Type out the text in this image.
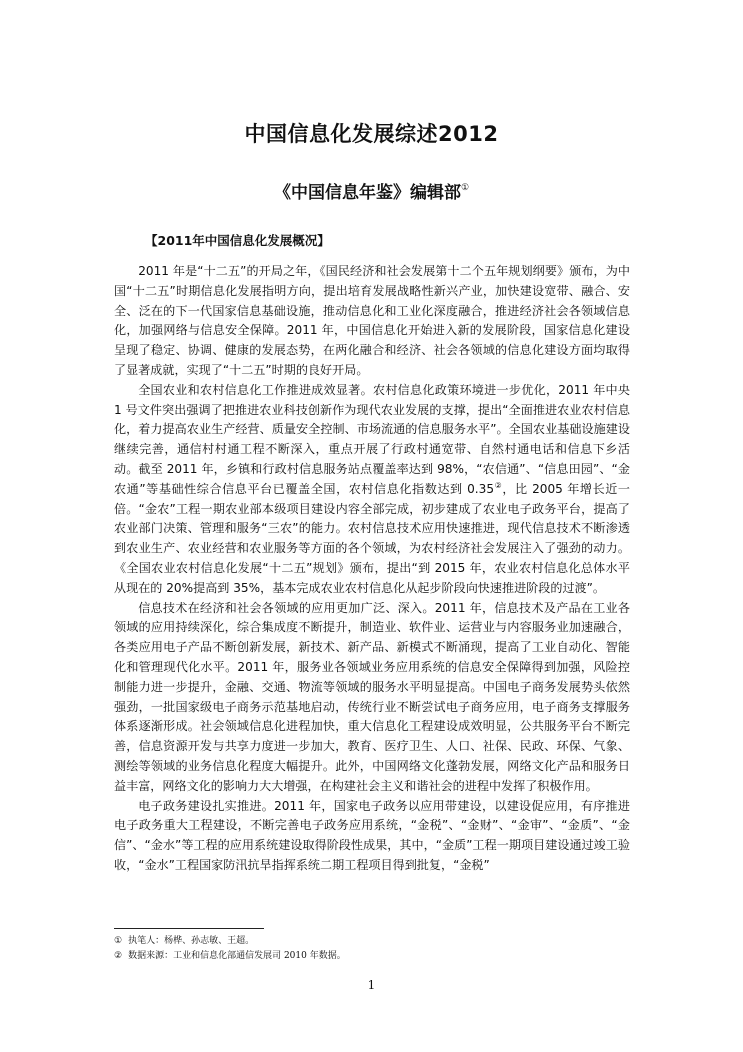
中国信息化发展综述2012
《中国信息年鉴》编辑部①
【2011年中国信息化发展概况】

2011 年是“十二五”的开局之年，《国民经济和社会发展第十二个五年规划纲要》颁布，为中国“十二五”时期信息化发展指明方向，提出培育发展战略性新兴产业，加快建设宽带、融合、安全、泛在的下一代国家信息基础设施，推动信息化和工业化深度融合，推进经济社会各领域信息化，加强网络与信息安全保障。2011 年，中国信息化开始进入新的发展阶段，国家信息化建设呈现了稳定、协调、健康的发展态势，在两化融合和经济、社会各领域的信息化建设方面均取得了显著成就，实现了“十二五”时期的良好开局。

全国农业和农村信息化工作推进成效显著。农村信息化政策环境进一步优化，2011 年中央 1 号文件突出强调了把推进农业科技创新作为现代农业发展的支撑，提出“全面推进农业农村信息化，着力提高农业生产经营、质量安全控制、市场流通的信息服务水平”。全国农业基础设施建设继续完善，通信村村通工程不断深入，重点开展了行政村通宽带、自然村通电话和信息下乡活动。截至 2011 年，乡镇和行政村信息服务站点覆盖率达到 98%，“农信通”、“信息田园”、“金农通”等基础性综合信息平台已覆盖全国，农村信息化指数达到 0.35②，比 2005 年增长近一倍。“金农”工程一期农业部本级项目建设内容全部完成，初步建成了农业电子政务平台，提高了农业部门决策、管理和服务“三农”的能力。农村信息技术应用快速推进，现代信息技术不断渗透到农业生产、农业经营和农业服务等方面的各个领域，为农村经济社会发展注入了强劲的动力。《全国农业农村信息化发展“十二五”规划》颁布，提出“到 2015 年，农业农村信息化总体水平从现在的 20%提高到 35%，基本完成农业农村信息化从起步阶段向快速推进阶段的过渡”。

信息技术在经济和社会各领域的应用更加广泛、深入。2011 年，信息技术及产品在工业各领域的应用持续深化，综合集成度不断提升，制造业、软件业、运营业与内容服务业加速融合，各类应用电子产品不断创新发展，新技术、新产品、新模式不断涌现，提高了工业自动化、智能化和管理现代化水平。2011 年，服务业各领域业务应用系统的信息安全保障得到加强，风险控制能力进一步提升，金融、交通、物流等领域的服务水平明显提高。中国电子商务发展势头依然强劲，一批国家级电子商务示范基地启动，传统行业不断尝试电子商务应用，电子商务支撑服务体系逐渐形成。社会领域信息化进程加快，重大信息化工程建设成效明显，公共服务平台不断完善，信息资源开发与共享力度进一步加大，教育、医疗卫生、人口、社保、民政、环保、气象、测绘等领域的业务信息化程度大幅提升。此外，中国网络文化蓬勃发展，网络文化产品和服务日益丰富，网络文化的影响力大大增强，在构建社会主义和谐社会的进程中发挥了积极作用。

电子政务建设扎实推进。2011 年，国家电子政务以应用带建设，以建设促应用，有序推进电子政务重大工程建设，不断完善电子政务应用系统，“金税”、“金财”、“金审”、“金质”、“金信”、“金水”等工程的应用系统建设取得阶段性成果，其中，“金质”工程一期项目建设通过竣工验收，“金水”工程国家防汛抗旱指挥系统二期工程项目得到批复，“金税”

① 执笔人：杨桦、孙志敏、王超。
② 数据来源：工业和信息化部通信发展司 2010 年数据。
1
